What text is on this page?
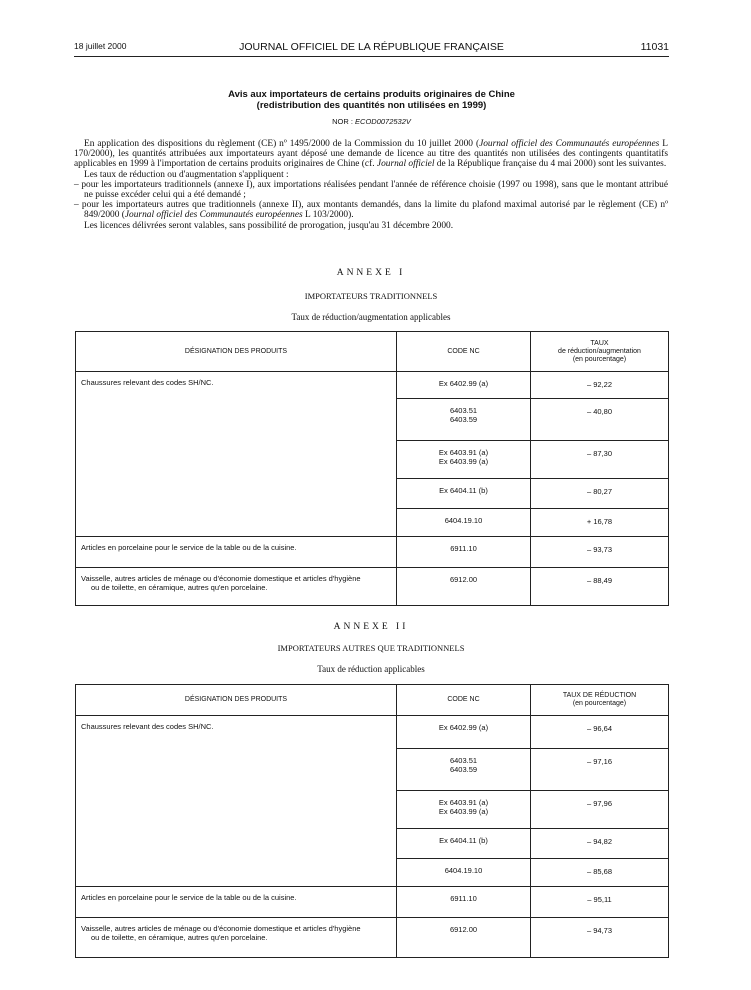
18 juillet 2000	JOURNAL OFFICIEL DE LA RÉPUBLIQUE FRANÇAISE	11031
Avis aux importateurs de certains produits originaires de Chine
(redistribution des quantités non utilisées en 1999)
NOR : ECOD0072532V

En application des dispositions du règlement (CE) nº 1495/2000 de la Commission du 10 juillet 2000 (Journal officiel des Communautés européennes L 170/2000), les quantités attribuées aux importateurs ayant déposé une demande de licence au titre des quantités non utilisées des contingents quantitatifs applicables en 1999 à l'importation de certains produits originaires de Chine (cf. Journal officiel de la République française du 4 mai 2000) sont les suivantes.

Les taux de réduction ou d'augmentation s'appliquent :

– pour les importateurs traditionnels (annexe I), aux importations réalisées pendant l'année de référence choisie (1997 ou 1998), sans que le montant attribué ne puisse excéder celui qui a été demandé ;

– pour les importateurs autres que traditionnels (annexe II), aux montants demandés, dans la limite du plafond maximal autorisé par le règlement (CE) nº 849/2000 (Journal officiel des Communautés européennes L 103/2000).

Les licences délivrées seront valables, sans possibilité de prorogation, jusqu'au 31 décembre 2000.

ANNEXE I
IMPORTATEURS TRADITIONNELS
Taux de réduction/augmentation applicables
DÉSIGNATION DES PRODUITS	CODE NC	TAUX
de réduction/augmentation
(en pourcentage)

Chaussures relevant des codes SH/NC.	Ex 6402.99 (a)	– 92,22

	6403.51
6403.59	– 40,80

	Ex 6403.91 (a)
Ex 6403.99 (a)	– 87,30
	Ex 6404.11 (b)	– 80,27
	6404.19.10	+ 16,78
Articles en porcelaine pour le service de la table ou de la cuisine.	6911.10	– 93,73

Vaisselle, autres articles de ménage ou d'économie domestique et articles d'hygiène
ou de toilette, en céramique, autres qu'en porcelaine.	6912.00	– 88,49
ANNEXE II
IMPORTATEURS AUTRES QUE TRADITIONNELS
Taux de réduction applicables
DÉSIGNATION DES PRODUITS	CODE NC	TAUX DE RÉDUCTION
(en pourcentage)

Chaussures relevant des codes SH/NC.	Ex 6402.99 (a)	– 96,64

	6403.51
6403.59	– 97,16

	Ex 6403.91 (a)
Ex 6403.99 (a)	– 97,96
	Ex 6404.11 (b)	– 94,82
	6404.19.10	– 85,68
Articles en porcelaine pour le service de la table ou de la cuisine.	6911.10	– 95,11

Vaisselle, autres articles de ménage ou d'économie domestique et articles d'hygiène
ou de toilette, en céramique, autres qu'en porcelaine.	6912.00	– 94,73
